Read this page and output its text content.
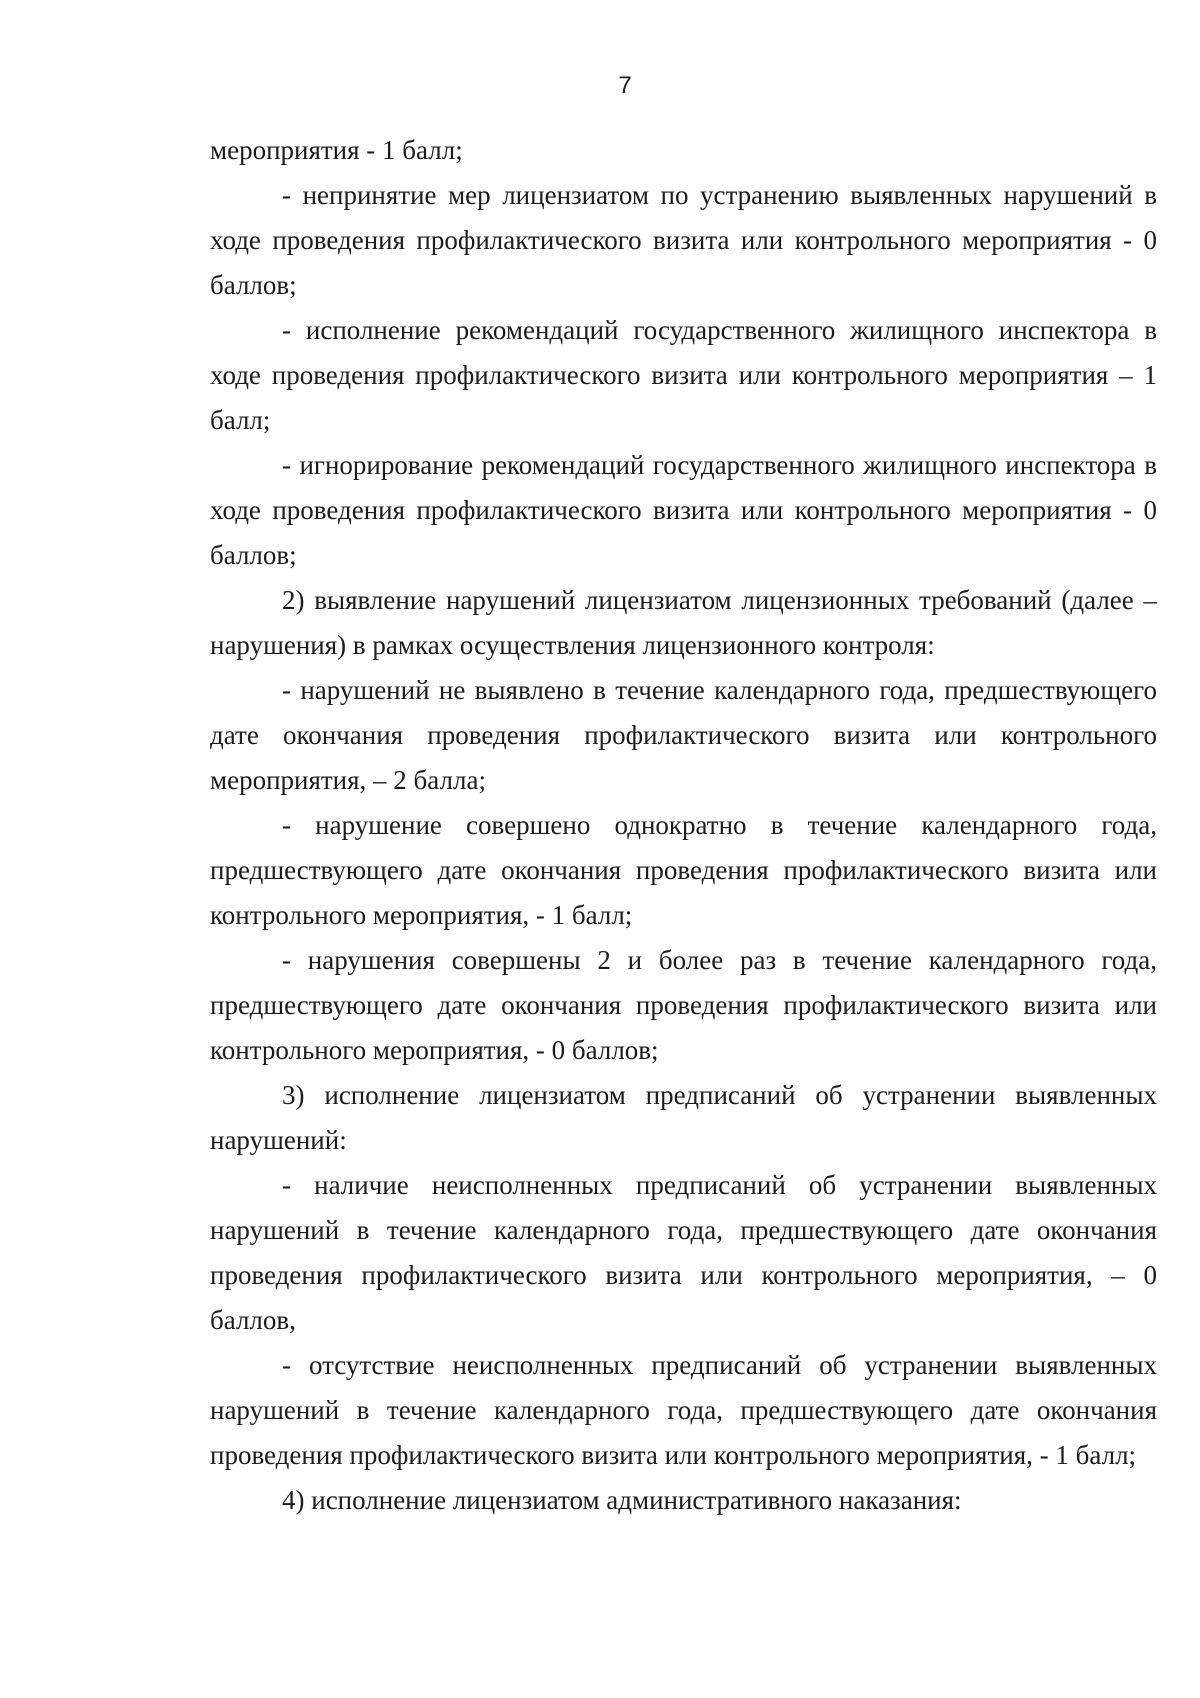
7

мероприятия - 1 балл;

- непринятие мер лицензиатом по устранению выявленных нарушений в ходе проведения профилактического визита или контрольного мероприятия - 0 баллов;

- исполнение рекомендаций государственного жилищного инспектора в ходе проведения профилактического визита или контрольного мероприятия – 1 балл;

- игнорирование рекомендаций государственного жилищного инспектора в ходе проведения профилактического визита или контрольного мероприятия - 0 баллов;

2) выявление нарушений лицензиатом лицензионных требований (далее – нарушения) в рамках осуществления лицензионного контроля:

- нарушений не выявлено в течение календарного года, предшествующего дате окончания проведения профилактического визита или контрольного мероприятия, – 2 балла;

- нарушение совершено однократно в течение календарного года, предшествующего дате окончания проведения профилактического визита или контрольного мероприятия, - 1 балл;

- нарушения совершены 2 и более раз в течение календарного года, предшествующего дате окончания проведения профилактического визита или контрольного мероприятия, - 0 баллов;

3) исполнение лицензиатом предписаний об устранении выявленных нарушений:

- наличие неисполненных предписаний об устранении выявленных нарушений в течение календарного года, предшествующего дате окончания проведения профилактического визита или контрольного мероприятия, – 0 баллов,

- отсутствие неисполненных предписаний об устранении выявленных нарушений в течение календарного года, предшествующего дате окончания проведения профилактического визита или контрольного мероприятия, - 1 балл;

4) исполнение лицензиатом административного наказания:
